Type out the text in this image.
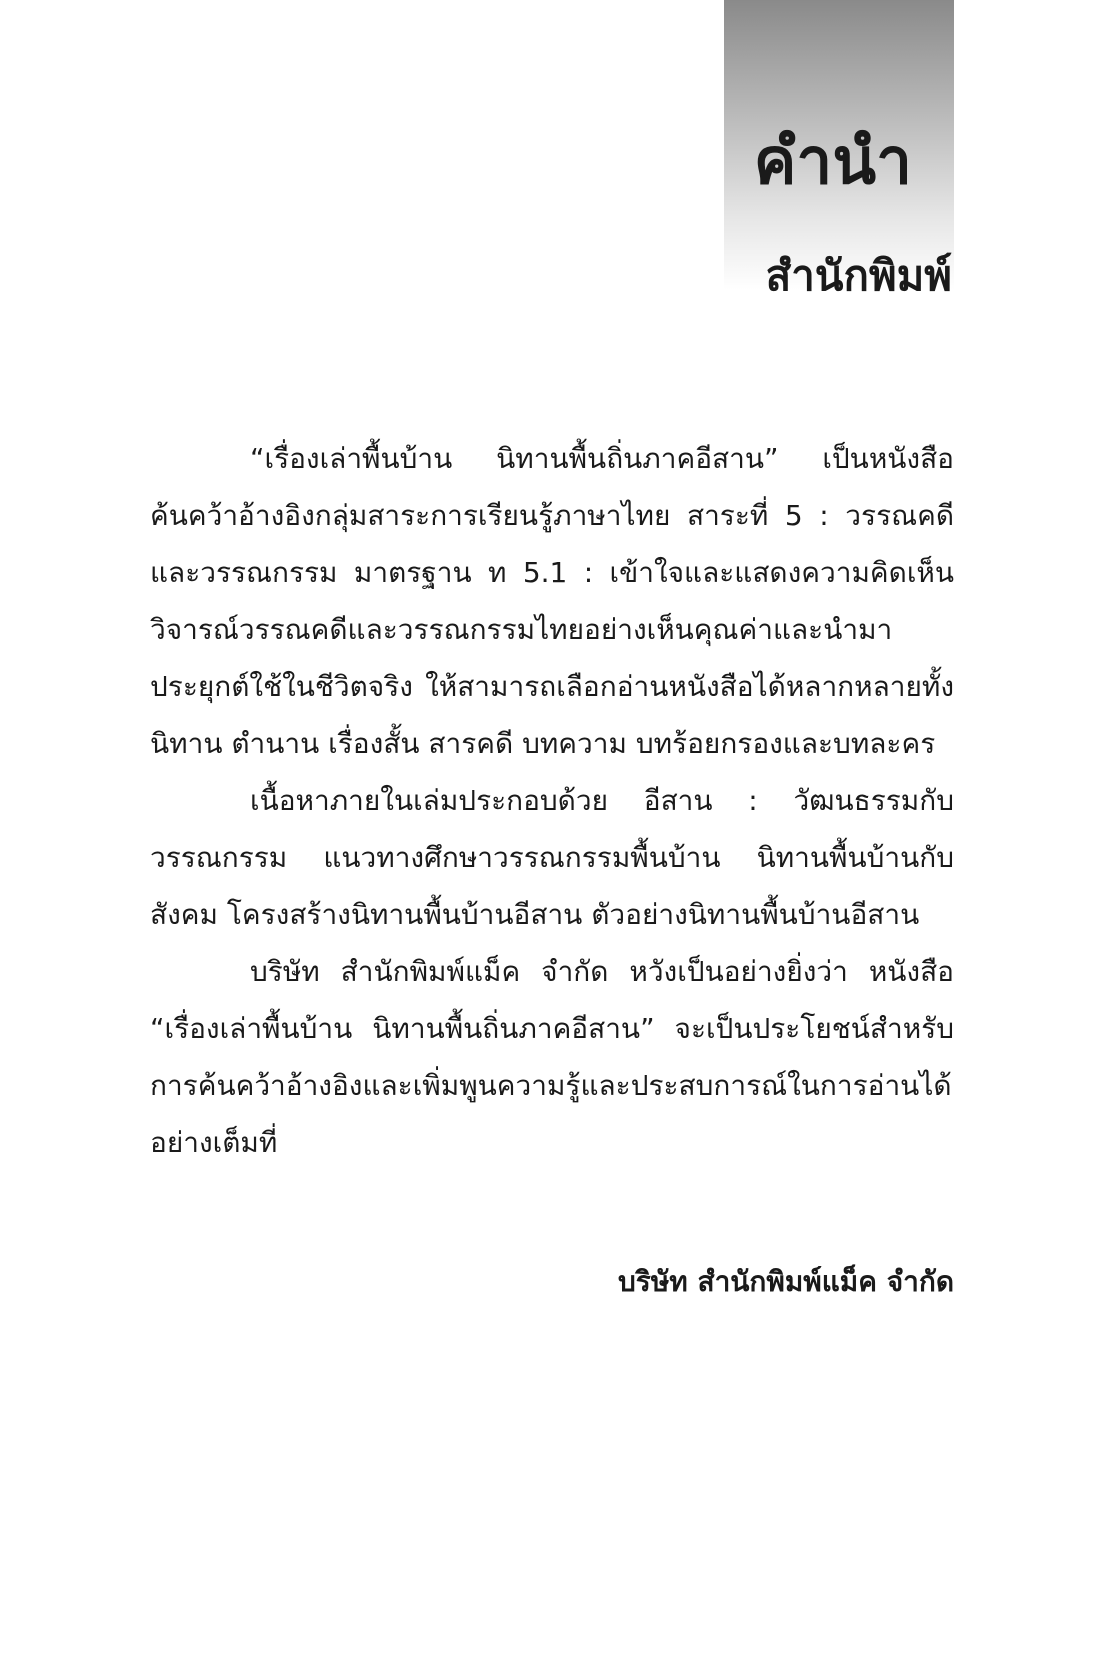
คำนำ
สำนักพิมพ์

“เรื่องเล่าพื้นบ้าน นิทานพื้นถิ่นภาคอีสาน” เป็นหนังสือค้นคว้าอ้างอิงกลุ่มสาระการเรียนรู้ภาษาไทย สาระที่ 5 : วรรณคดีและวรรณกรรม มาตรฐาน ท 5.1 : เข้าใจและแสดงความคิดเห็นวิจารณ์วรรณคดีและวรรณกรรมไทยอย่างเห็นคุณค่าและนำมาประยุกต์ใช้ในชีวิตจริง ให้สามารถเลือกอ่านหนังสือได้หลากหลายทั้งนิทาน ตำนาน เรื่องสั้น สารคดี บทความ บทร้อยกรองและบทละคร

เนื้อหาภายในเล่มประกอบด้วย อีสาน : วัฒนธรรมกับวรรณกรรม แนวทางศึกษาวรรณกรรมพื้นบ้าน นิทานพื้นบ้านกับสังคม โครงสร้างนิทานพื้นบ้านอีสาน ตัวอย่างนิทานพื้นบ้านอีสาน

บริษัท สำนักพิมพ์แม็ค จำกัด หวังเป็นอย่างยิ่งว่า หนังสือ “เรื่องเล่าพื้นบ้าน นิทานพื้นถิ่นภาคอีสาน” จะเป็นประโยชน์สำหรับการค้นคว้าอ้างอิงและเพิ่มพูนความรู้และประสบการณ์ในการอ่านได้อย่างเต็มที่

บริษัท สำนักพิมพ์แม็ค จำกัด
